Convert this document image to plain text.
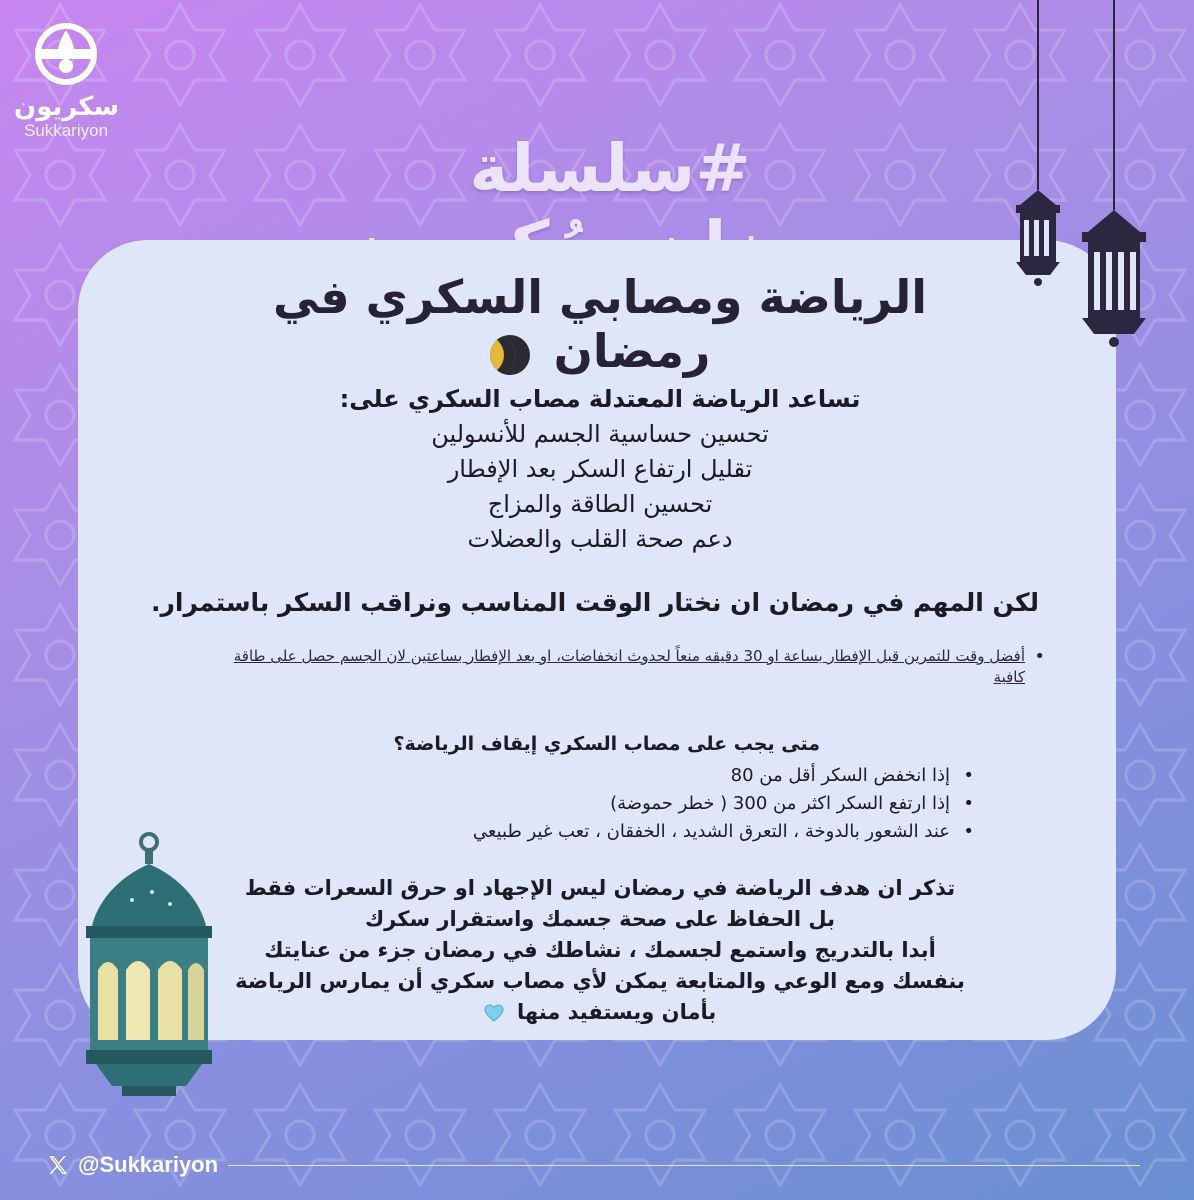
سكريون
Sukkariyon	#سلسلة
الرياضة ومصابي السكري في رمضان
تساعد الرياضة المعتدلة مصاب السكري على:
تحسين حساسية الجسم للأنسولين
تقليل ارتفاع السكر بعد الإفطار
تحسين الطاقة والمزاج
دعم صحة القلب والعضلات
لكن المهم في رمضان ان نختار الوقت المناسب ونراقب السكر باستمرار.
• أفضل وقت للتمرين قبل الإفطار بساعة او 30 دقيقه منعاً لحدوث انخفاضات، او بعد الإفطار بساعتين لان الجسم حصل على طاقة كافية
متى يجب على مصاب السكري إيقاف الرياضة؟
• إذا انخفض السكر أقل من 80
• إذا ارتفع السكر اكثر من 300 ( خطر حموضة)
• عند الشعور بالدوخة ، التعرق الشديد ، الخفقان ، تعب غير طبيعي
تذكر ان هدف الرياضة في رمضان ليس الإجهاد او حرق السعرات فقط
بل الحفاظ على صحة جسمك واستقرار سكرك
أبدا بالتدريج واستمع لجسمك ، نشاطك في رمضان جزء من عنايتك
بنفسك ومع الوعي والمتابعة يمكن لأي مصاب سكري أن يمارس الرياضة
بأمان ويستفيد منها
@Sukkariyon
